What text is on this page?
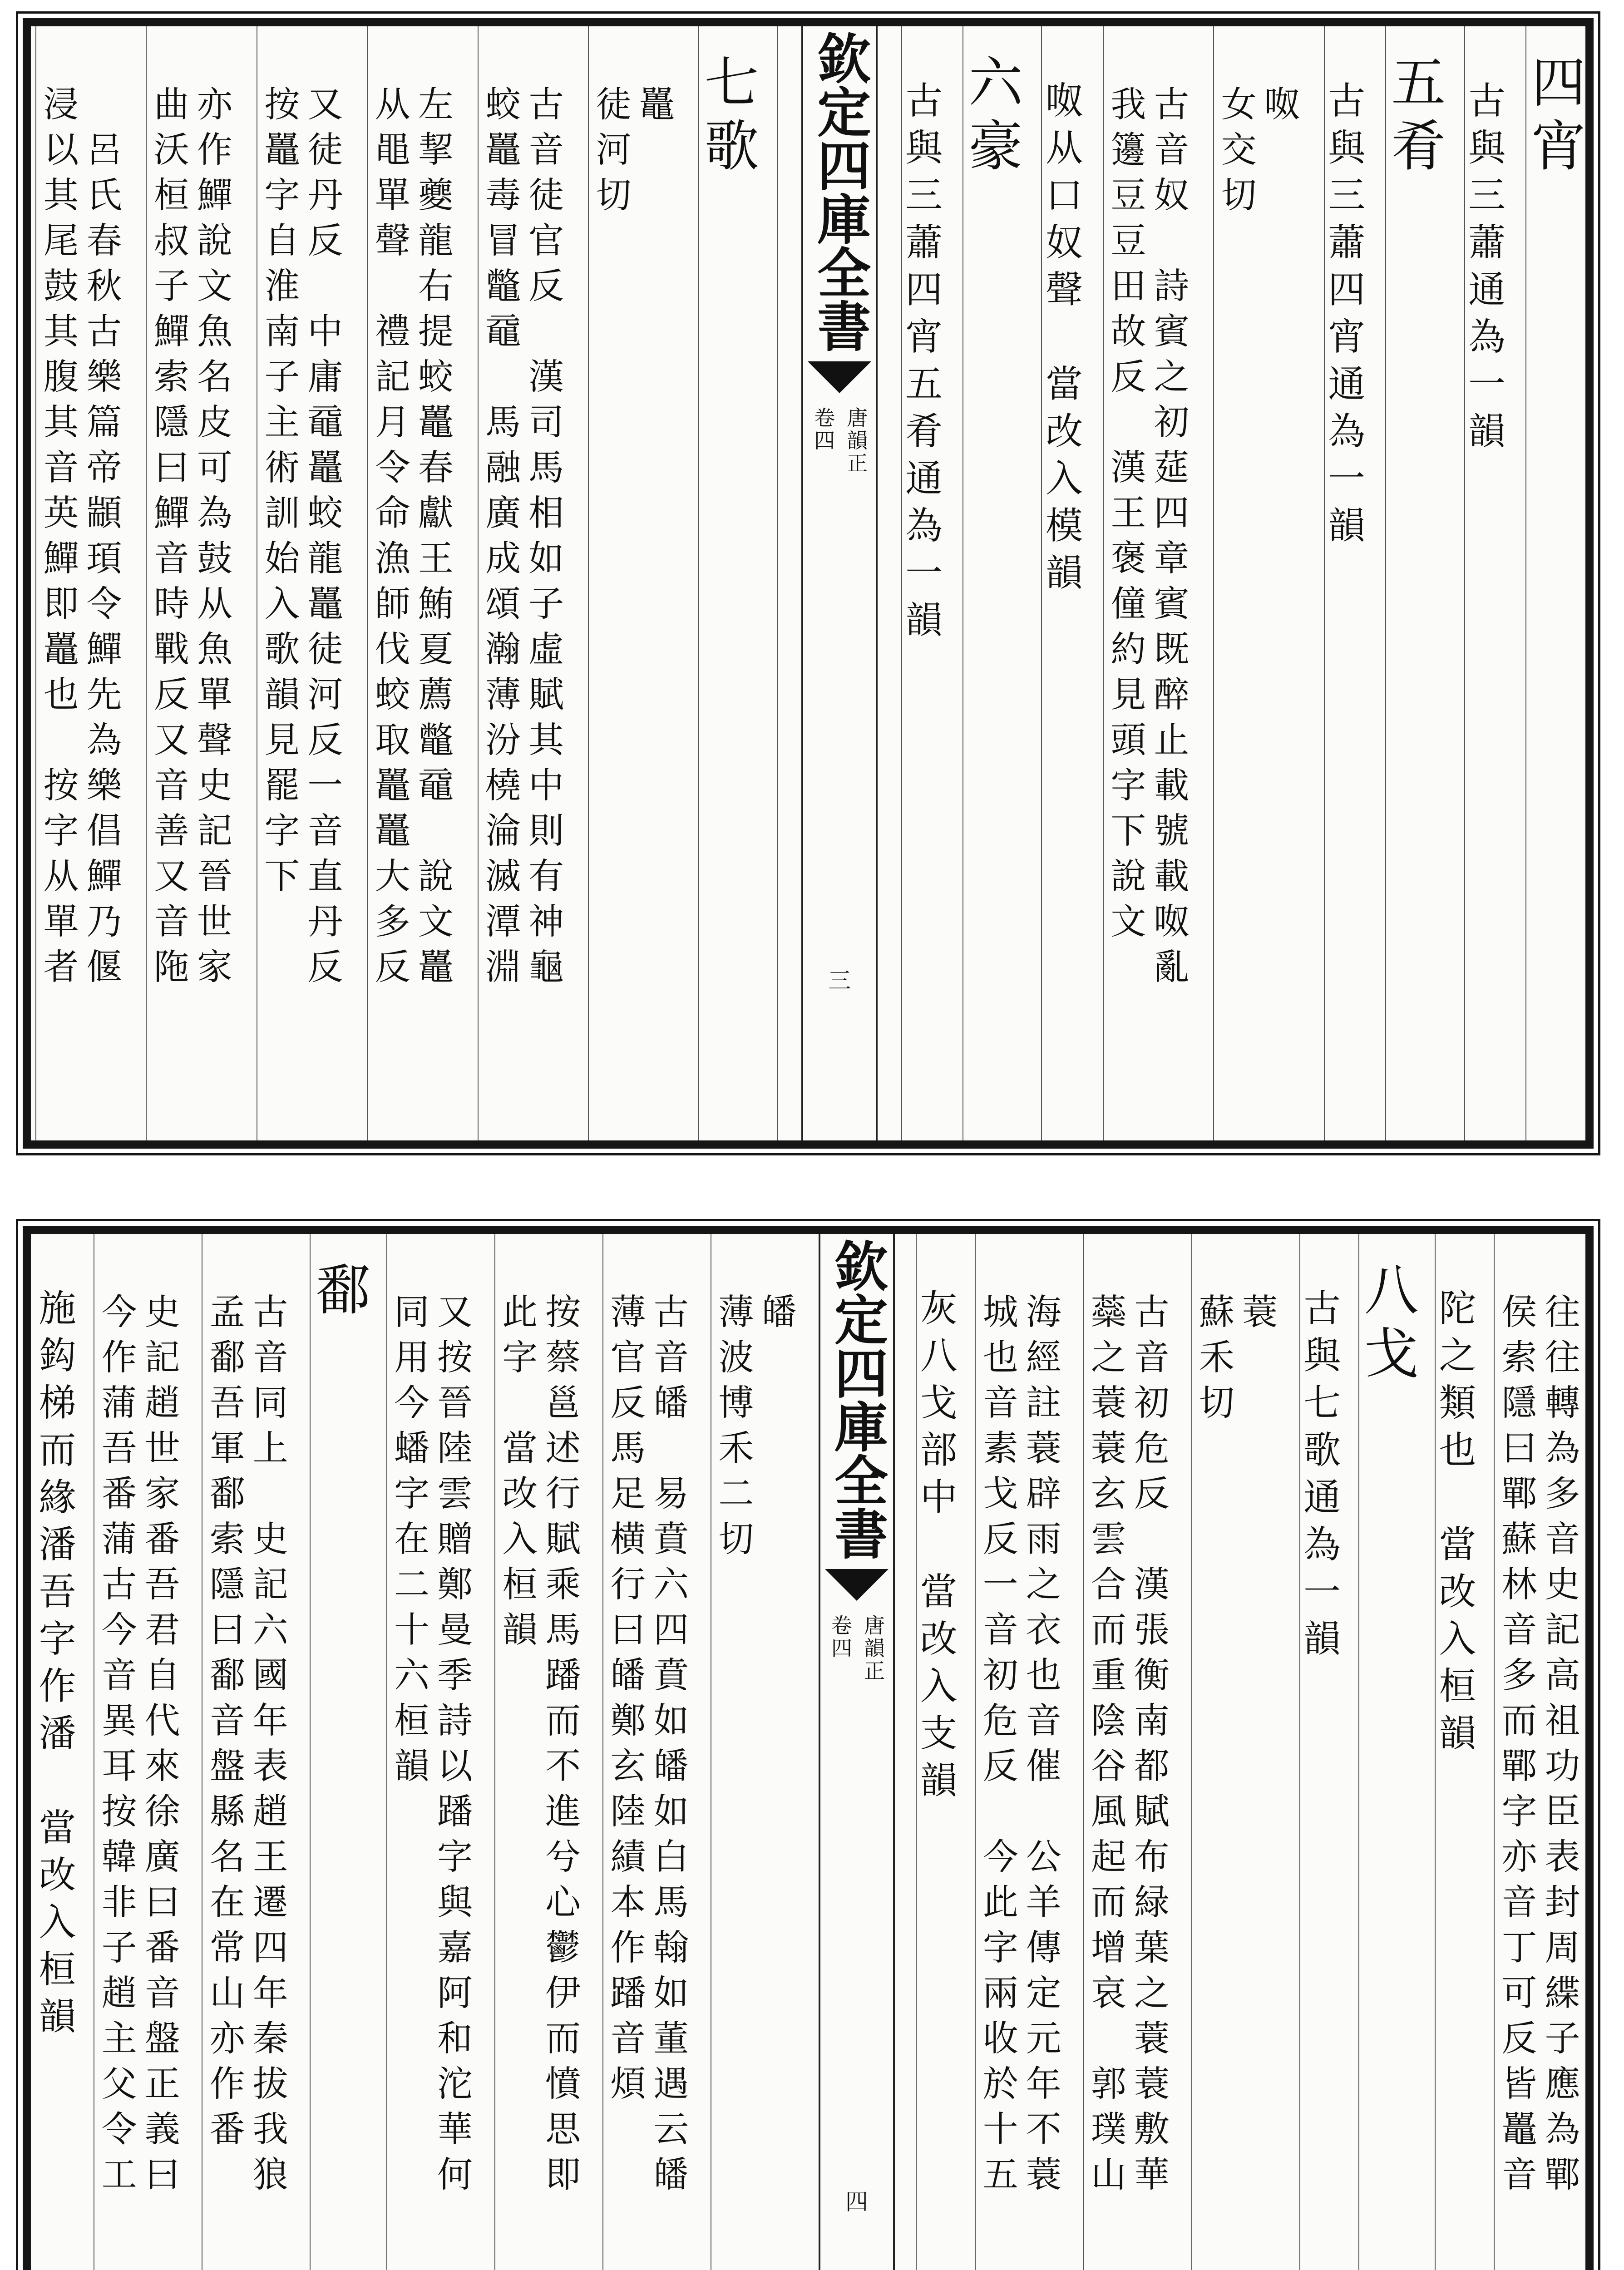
四宵
古與三蕭通為一韻
五肴
古與三蕭四宵通為一韻
呶
女交切
古音奴　詩賓之初莚四章賓既醉止載號載呶亂
我籩豆豆田故反　漢王褒僮約見頭字下說文
呶从口奴聲　當改入模韻
六豪
古與三蕭四宵五肴通為一韻
欽定四庫全書
唐韻正
卷四
三
七歌
鼉
徒河切
古音徒官反　漢司馬相如子虛賦其中則有神龜
蛟鼉毒冒鼈黿　馬融廣成頌瀚薄汾橈淪滅潭淵
左挈夔龍右提蛟鼉春獻王鮪夏薦鼈黿　說文鼉
从黽單聲　禮記月令命漁師伐蛟取鼉鼉大多反
又徒丹反　中庸黿鼉蛟龍鼉徒河反一音直丹反
按鼉字自淮南子主術訓始入歌韻見罷字下
亦作鱓說文魚名皮可為鼓从魚單聲史記晉世家
曲沃桓叔子鱓索隱曰鱓音時戰反又音善又音陁
　呂氏春秋古樂篇帝顓頊令鱓先為樂倡鱓乃偃
浸以其尾鼓其腹其音英鱓即鼉也　按字从單者
往往轉為多音史記高祖功臣表封周緤子應為鄲
侯索隱曰鄲蘇林音多而鄲字亦音丁可反皆鼉音
陀之類也　當改入桓韻
八戈
古與七歌通為一韻
蓑
蘇禾切
古音初危反　漢張衡南都賦布緑葉之蓑蓑敷華
蘂之蓑蓑玄雲合而重陰谷風起而增哀　郭璞山
海經註蓑辟雨之衣也音催　公羊傳定元年不蓑
城也音素戈反一音初危反　今此字兩收於十五
灰八戈部中　當改入支韻
欽定四庫全書
唐韻正
卷四
四
皤
薄波博禾二切
古音皤　易賁六四賁如皤如白馬翰如董遇云皤
薄官反馬足横行曰皤鄭玄陸績本作蹯音煩
按蔡邕述行賦乘馬蹯而不進兮心鬱伊而憤思即
此字　當改入桓韻
又按晉陸雲贈鄭曼季詩以蹯字與嘉阿和沱華何
同用今蟠字在二十六桓韻
鄱
古音同上　史記六國年表趙王遷四年秦拔我狼
孟鄱吾軍鄱索隱曰鄱音盤縣名在常山亦作番
史記趙世家番吾君自代來徐廣曰番音盤正義曰
今作蒲吾番蒲古今音異耳按韓非子趙主父令工
施鈎梯而緣潘吾字作潘　當改入桓韻
